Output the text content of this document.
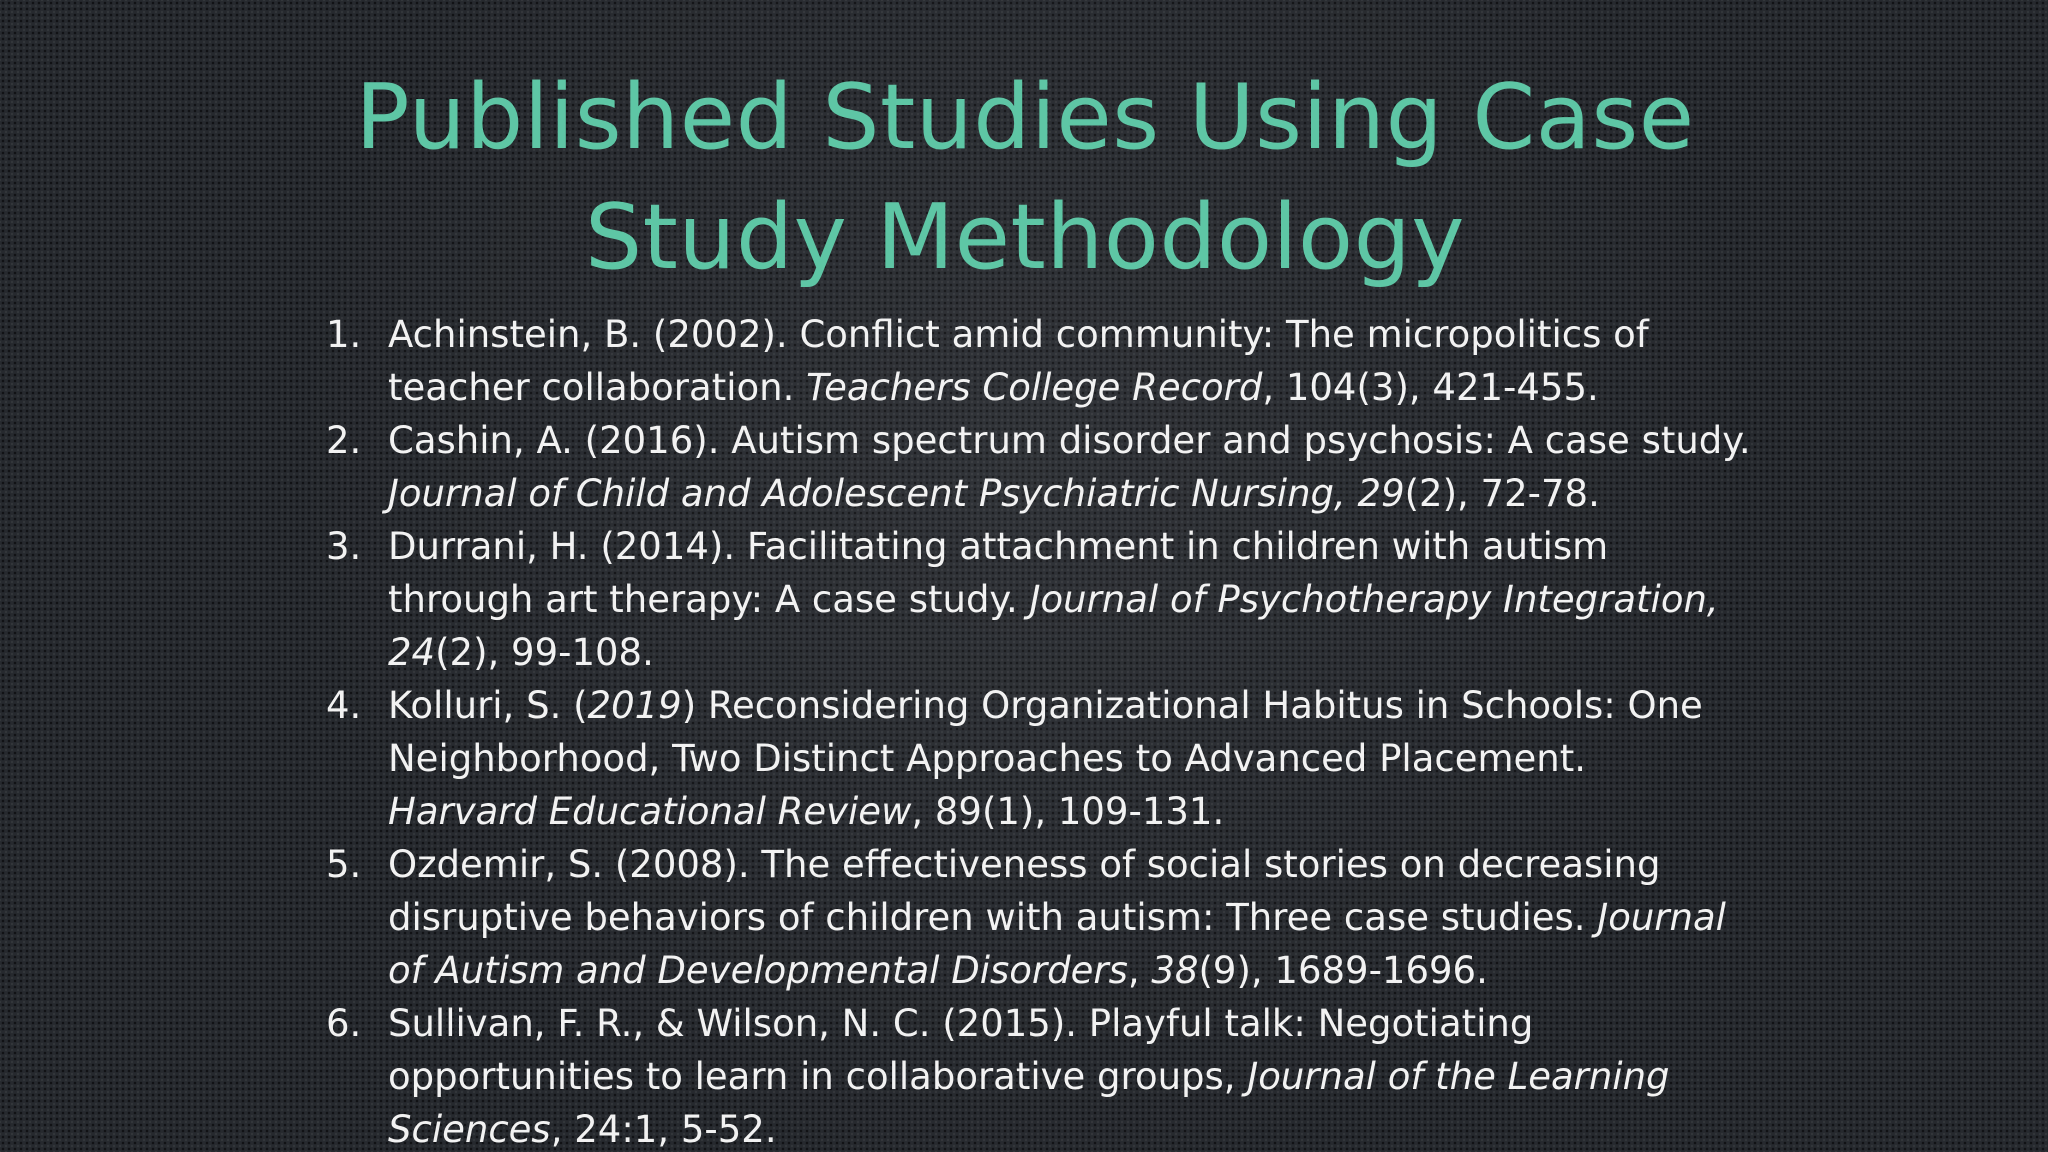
Published Studies Using Case
Study Methodology
1. Achinstein, B. (2002). Conflict amid community: The micropolitics of
teacher collaboration. Teachers College Record, 104(3), 421-455.
2. Cashin, A. (2016). Autism spectrum disorder and psychosis: A case study.
Journal of Child and Adolescent Psychiatric Nursing, 29(2), 72-78.
3. Durrani, H. (2014). Facilitating attachment in children with autism
through art therapy: A case study. Journal of Psychotherapy Integration,
24(2), 99-108.
4. Kolluri, S. (2019) Reconsidering Organizational Habitus in Schools: One
Neighborhood, Two Distinct Approaches to Advanced Placement.
Harvard Educational Review, 89(1), 109-131.
5. Ozdemir, S. (2008). The effectiveness of social stories on decreasing
disruptive behaviors of children with autism: Three case studies. Journal
of Autism and Developmental Disorders, 38(9), 1689-1696.
6. Sullivan, F. R., & Wilson, N. C. (2015). Playful talk: Negotiating
opportunities to learn in collaborative groups, Journal of the Learning
Sciences, 24:1, 5-52.
